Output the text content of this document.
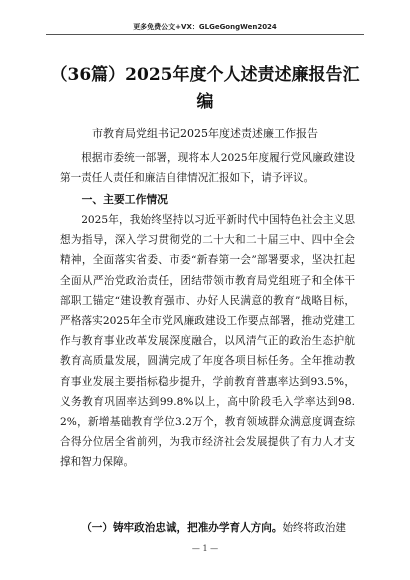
更多免费公文+VX：GLGeGongWen2024
（36篇）2025年度个人述责述廉报告汇编

市教育局党组书记2025年度述责述廉工作报告

根据市委统一部署，现将本人2025年度履行党风廉政建设第一责任人责任和廉洁自律情况汇报如下，请予评议。

一、主要工作情况

2025年，我始终坚持以习近平新时代中国特色社会主义思想为指导，深入学习贯彻党的二十大和二十届三中、四中全会精神，全面落实省委、市委“新春第一会”部署要求，坚决扛起全面从严治党政治责任，团结带领市教育局党组班子和全体干部职工锚定“建设教育强市、办好人民满意的教育”战略目标，严格落实2025年全市党风廉政建设工作要点部署，推动党建工作与教育事业改革发展深度融合，以风清气正的政治生态护航教育高质量发展，圆满完成了年度各项目标任务。全年推动教育事业发展主要指标稳步提升，学前教育普惠率达到93.5%，义务教育巩固率达到99.8%以上，高中阶段毛入学率达到98.2%，新增基础教育学位3.2万个，教育领域群众满意度调查综合得分位居全省前列，为我市经济社会发展提供了有力人才支撑和智力保障。

（一）铸牢政治忠诚，把准办学育人方向。始终将政治建

— 1 —
